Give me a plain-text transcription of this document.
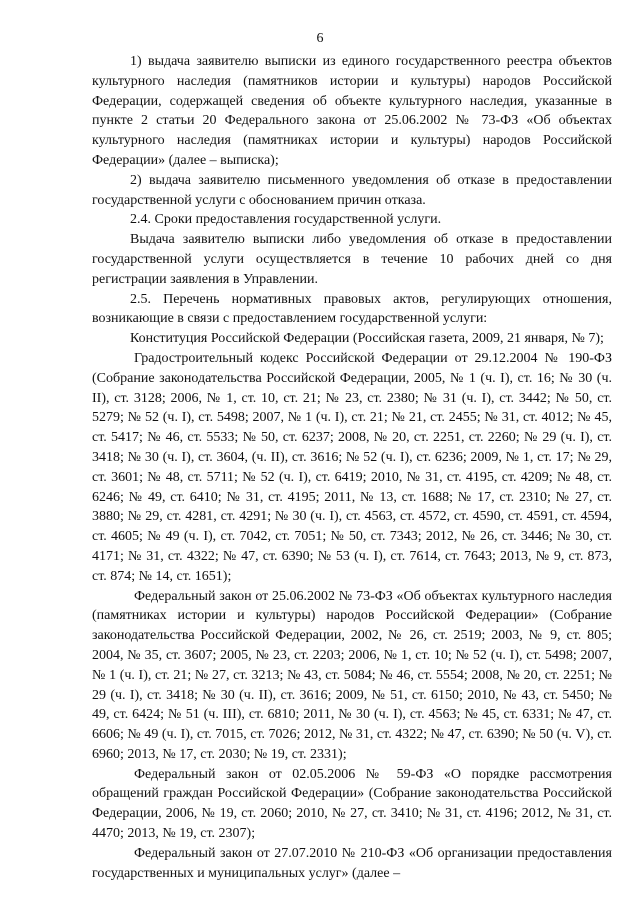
6

1) выдача заявителю выписки из единого государственного реестра объектов культурного наследия (памятников истории и культуры) народов Российской Федерации, содержащей сведения об объекте культурного наследия, указанные в пункте 2 статьи 20 Федерального закона от 25.06.2002 № 73-ФЗ «Об объектах культурного наследия (памятниках истории и культуры) народов Российской Федерации» (далее – выписка);

2) выдача заявителю письменного уведомления об отказе в предоставлении государственной услуги с обоснованием причин отказа.

2.4. Сроки предоставления государственной услуги.

Выдача заявителю выписки либо уведомления об отказе в предоставлении государственной услуги осуществляется в течение 10 рабочих дней со дня регистрации заявления в Управлении.

2.5. Перечень нормативных правовых актов, регулирующих отношения, возникающие в связи с предоставлением государственной услуги:

Конституция Российской Федерации (Российская газета, 2009, 21 января, № 7);

Градостроительный кодекс Российской Федерации от 29.12.2004 № 190-ФЗ (Собрание законодательства Российской Федерации, 2005, № 1 (ч. I), ст. 16; № 30 (ч. II), ст. 3128; 2006, № 1, ст. 10, ст. 21; № 23, ст. 2380; № 31 (ч. I), ст. 3442; № 50, ст. 5279; № 52 (ч. I), ст. 5498; 2007, № 1 (ч. I), ст. 21; № 21, ст. 2455; № 31, ст. 4012; № 45, ст. 5417; № 46, ст. 5533; № 50, ст. 6237; 2008, № 20, ст. 2251, ст. 2260; № 29 (ч. I), ст. 3418; № 30 (ч. I), ст. 3604, (ч. II), ст. 3616; № 52 (ч. I), ст. 6236; 2009, № 1, ст. 17; № 29, ст. 3601; № 48, ст. 5711; № 52 (ч. I), ст. 6419; 2010, № 31, ст. 4195, ст. 4209; № 48, ст. 6246; № 49, ст. 6410; № 31, ст. 4195; 2011, № 13, ст. 1688; № 17, ст. 2310; № 27, ст. 3880; № 29, ст. 4281, ст. 4291; № 30 (ч. I), ст. 4563, ст. 4572, ст. 4590, ст. 4591, ст. 4594, ст. 4605; № 49 (ч. I), ст. 7042, ст. 7051; № 50, ст. 7343; 2012, № 26, ст. 3446; № 30, ст. 4171; № 31, ст. 4322; № 47, ст. 6390; № 53 (ч. I), ст. 7614, ст. 7643; 2013, № 9, ст. 873, ст. 874; № 14, ст. 1651);

Федеральный закон от 25.06.2002 № 73-ФЗ «Об объектах культурного наследия (памятниках истории и культуры) народов Российской Федерации» (Собрание законодательства Российской Федерации, 2002, № 26, ст. 2519; 2003, № 9, ст. 805; 2004, № 35, ст. 3607; 2005, № 23, ст. 2203; 2006, № 1, ст. 10; № 52 (ч. I), ст. 5498; 2007, № 1 (ч. I), ст. 21; № 27, ст. 3213; № 43, ст. 5084; № 46, ст. 5554; 2008, № 20, ст. 2251; № 29 (ч. I), ст. 3418; № 30 (ч. II), ст. 3616; 2009, № 51, ст. 6150; 2010, № 43, ст. 5450; № 49, ст. 6424; № 51 (ч. III), ст. 6810; 2011, № 30 (ч. I), ст. 4563; № 45, ст. 6331; № 47, ст. 6606; № 49 (ч. I), ст. 7015, ст. 7026; 2012, № 31, ст. 4322; № 47, ст. 6390; № 50 (ч. V), ст. 6960; 2013, № 17, ст. 2030; № 19, ст. 2331);

Федеральный закон от 02.05.2006 № 59-ФЗ «О порядке рассмотрения обращений граждан Российской Федерации» (Собрание законодательства Российской Федерации, 2006, № 19, ст. 2060; 2010, № 27, ст. 3410; № 31, ст. 4196; 2012, № 31, ст. 4470; 2013, № 19, ст. 2307);

Федеральный закон от 27.07.2010 № 210-ФЗ «Об организации предоставления государственных и муниципальных услуг» (далее –
